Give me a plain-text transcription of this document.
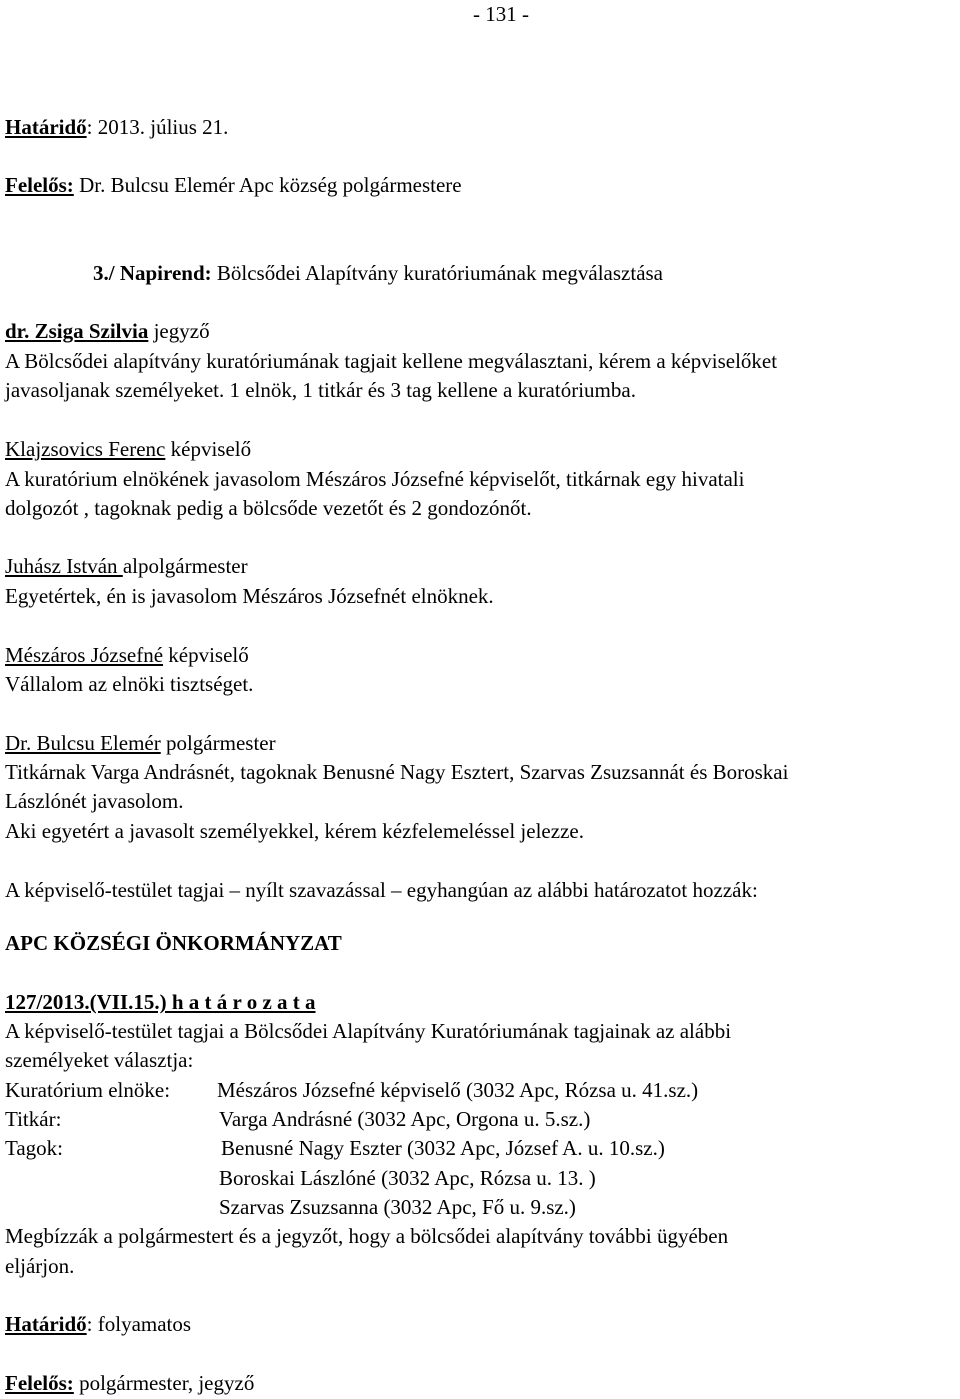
- 131 -
Határidő: 2013. július 21.
Felelős: Dr. Bulcsu Elemér Apc község polgármestere
3./ Napirend: Bölcsődei Alapítvány kuratóriumának megválasztása
dr. Zsiga Szilvia jegyző
A Bölcsődei alapítvány kuratóriumának tagjait kellene megválasztani, kérem a képviselőket
javasoljanak személyeket. 1 elnök, 1 titkár és 3 tag kellene a kuratóriumba.
Klajzsovics Ferenc képviselő
A kuratórium elnökének javasolom Mészáros Józsefné képviselőt, titkárnak egy hivatali
dolgozót , tagoknak pedig a bölcsőde vezetőt és 2 gondozónőt.
Juhász István alpolgármester
Egyetértek, én is javasolom Mészáros Józsefnét elnöknek.
Mészáros Józsefné képviselő
Vállalom az elnöki tisztséget.
Dr. Bulcsu Elemér polgármester
Titkárnak Varga Andrásnét, tagoknak Benusné Nagy Esztert, Szarvas Zsuzsannát és Boroskai
Lászlónét javasolom.
Aki egyetért a javasolt személyekkel, kérem kézfelemeléssel jelezze.
A képviselő-testület tagjai – nyílt szavazással – egyhangúan az alábbi határozatot hozzák:
APC KÖZSÉGI ÖNKORMÁNYZAT
127/2013.(VII.15.) h a t á r o z a t a
A képviselő-testület tagjai a Bölcsődei Alapítvány Kuratóriumának tagjainak az alábbi
személyeket választja:
Kuratórium elnöke: Mészáros Józsefné képviselő (3032 Apc, Rózsa u. 41.sz.)
Titkár:	Varga Andrásné (3032 Apc, Orgona u. 5.sz.)
Tagok:	Benusné Nagy Eszter (3032 Apc, József A. u. 10.sz.)
Boroskai Lászlóné (3032 Apc, Rózsa u. 13. )
Szarvas Zsuzsanna (3032 Apc, Fő u. 9.sz.)
Megbízzák a polgármestert és a jegyzőt, hogy a bölcsődei alapítvány további ügyében
eljárjon.
Határidő: folyamatos
Felelős: polgármester, jegyző
